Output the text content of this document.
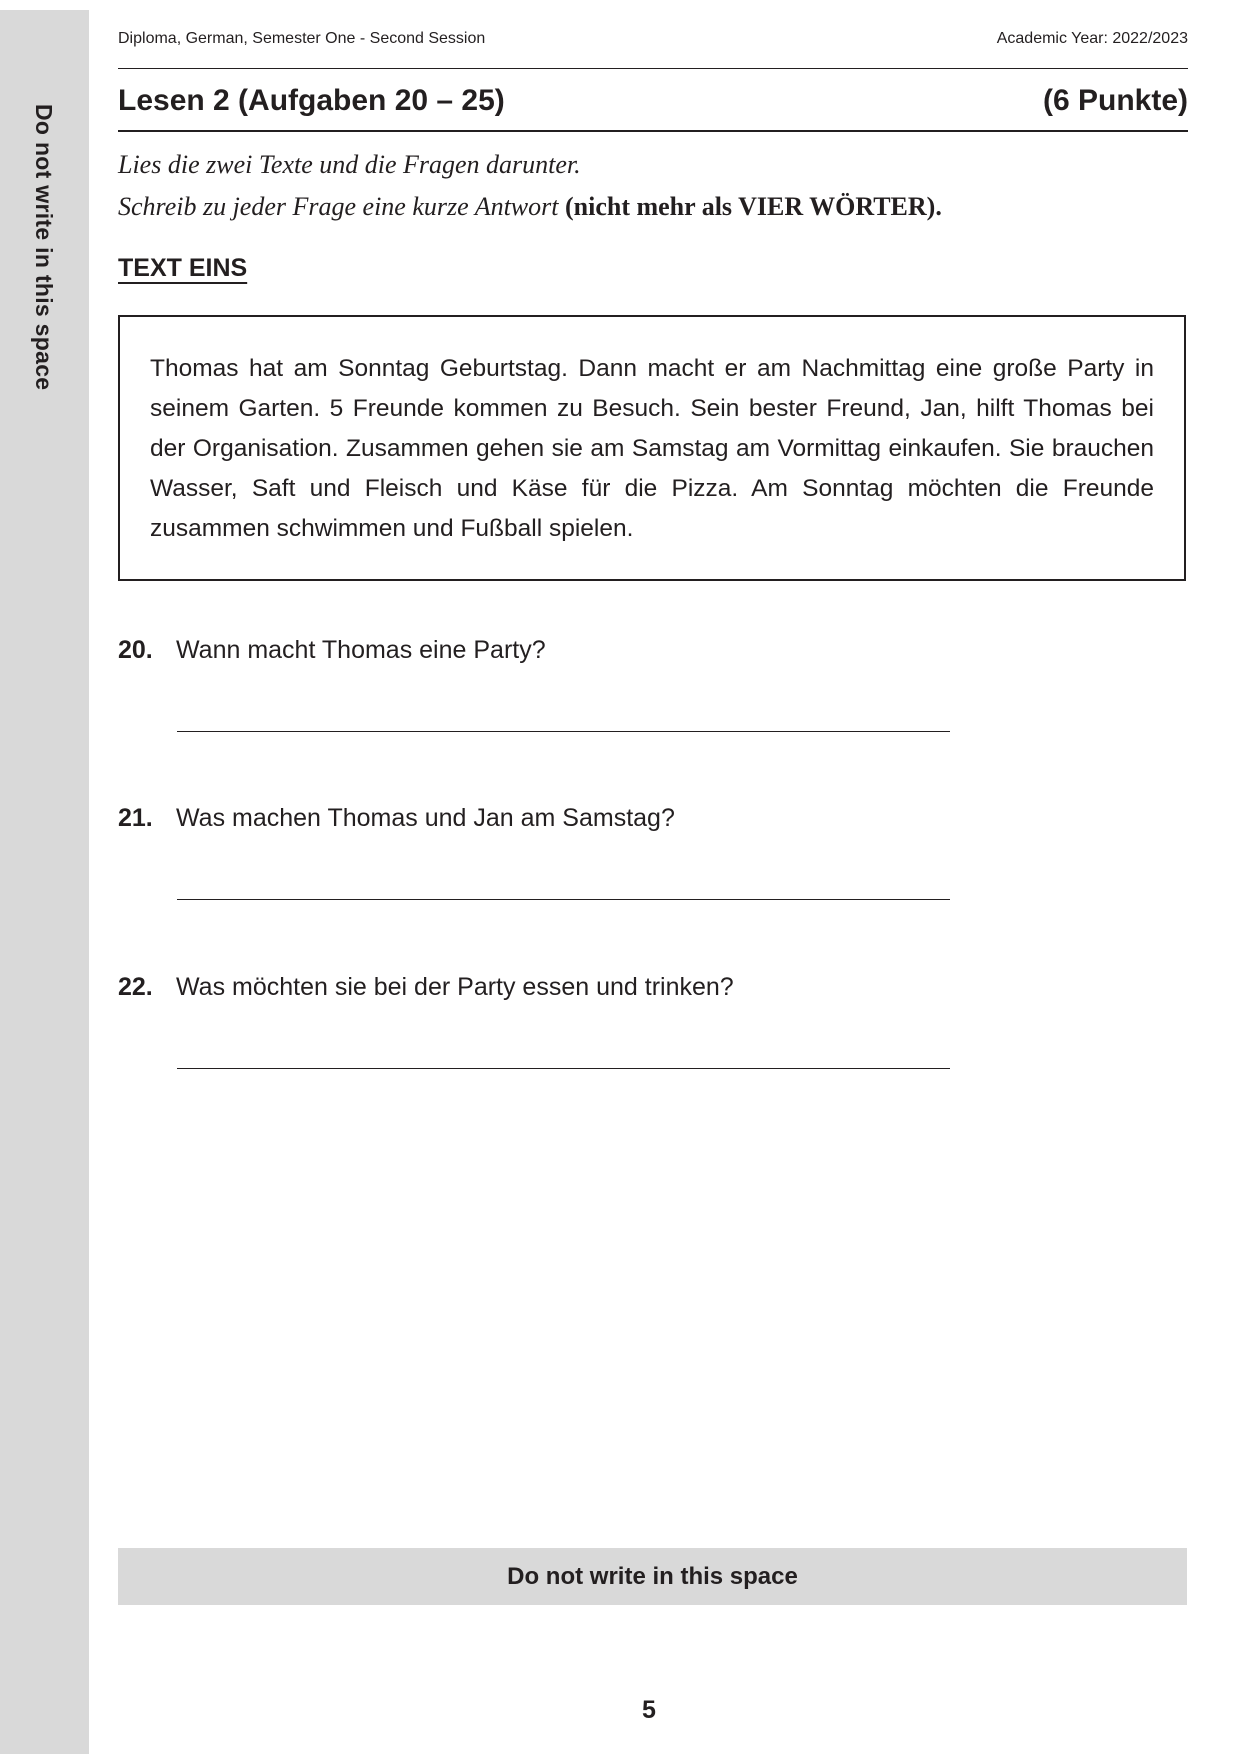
Do not write in this space
Diploma, German, Semester One - Second Session	Academic Year: 2022/2023
Lesen 2 (Aufgaben 20 – 25)	(6 Punkte)
Lies die zwei Texte und die Fragen darunter.
Schreib zu jeder Frage eine kurze Antwort (nicht mehr als VIER WÖRTER).
TEXT EINS

Thomas hat am Sonntag Geburtstag. Dann macht er am Nachmittag eine große Party in seinem Garten. 5 Freunde kommen zu Besuch. Sein bester Freund, Jan, hilft Thomas bei der Organisation. Zusammen gehen sie am Samstag am Vormittag einkaufen. Sie brauchen Wasser, Saft und Fleisch und Käse für die Pizza. Am Sonntag möchten die Freunde zusammen schwimmen und Fußball spielen.

20. Wann macht Thomas eine Party?
21. Was machen Thomas und Jan am Samstag?
22. Was möchten sie bei der Party essen und trinken?
Do not write in this space
5
